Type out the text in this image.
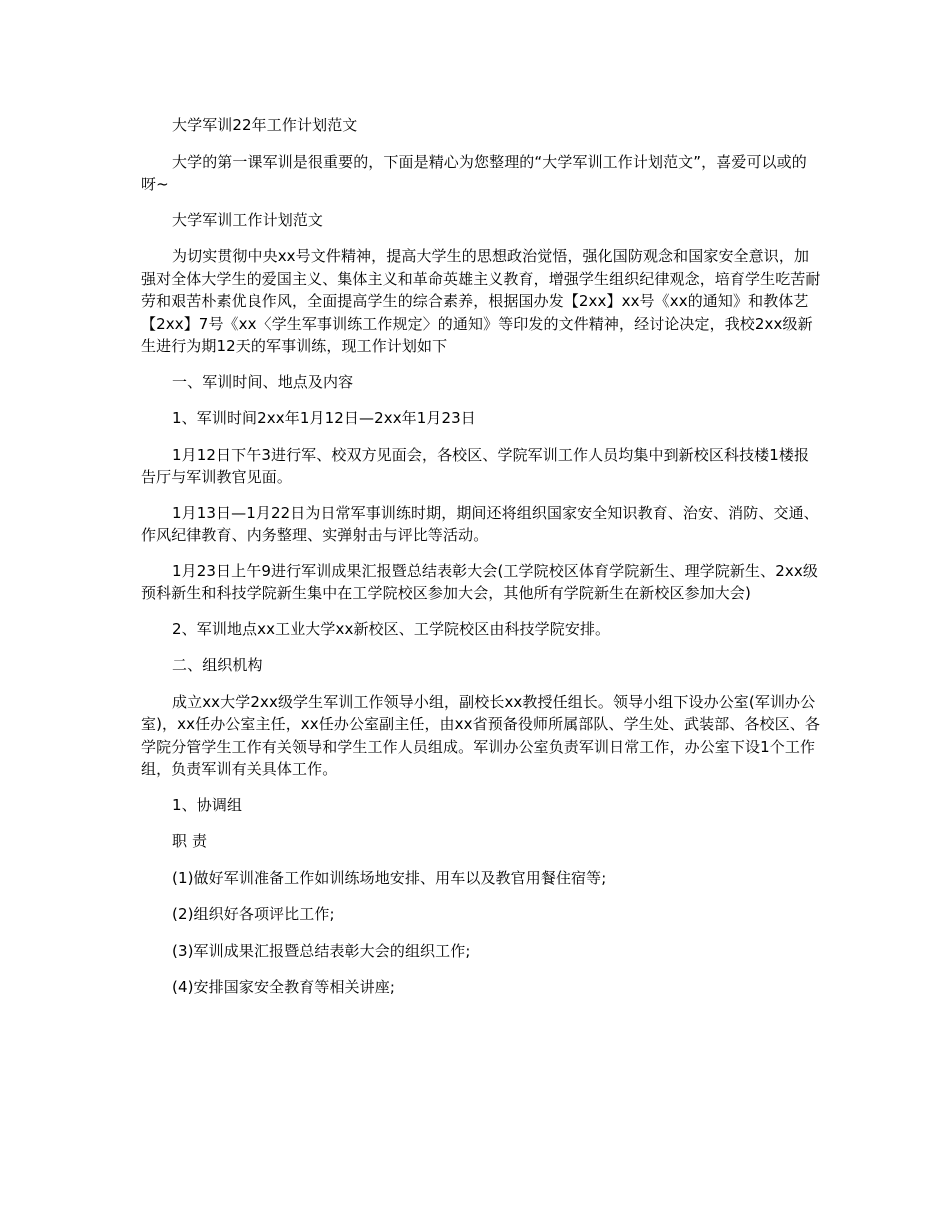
大学军训22年工作计划范文

大学的第一课军训是很重要的，下面是精心为您整理的“大学军训工作计划范文”，喜爱可以或的呀~

大学军训工作计划范文

为切实贯彻中央xx号文件精神，提高大学生的思想政治觉悟，强化国防观念和国家安全意识，加强对全体大学生的爱国主义、集体主义和革命英雄主义教育，增强学生组织纪律观念，培育学生吃苦耐劳和艰苦朴素优良作风，全面提高学生的综合素养，根据国办发【2xx】xx号《xx的通知》和教体艺【2xx】7号《xx〈学生军事训练工作规定〉的通知》等印发的文件精神，经讨论决定，我校2xx级新生进行为期12天的军事训练，现工作计划如下

一、军训时间、地点及内容

1、军训时间2xx年1月12日—2xx年1月23日

1月12日下午3进行军、校双方见面会，各校区、学院军训工作人员均集中到新校区科技楼1楼报告厅与军训教官见面。

1月13日—1月22日为日常军事训练时期，期间还将组织国家安全知识教育、治安、消防、交通、作风纪律教育、内务整理、实弹射击与评比等活动。

1月23日上午9进行军训成果汇报暨总结表彰大会(工学院校区体育学院新生、理学院新生、2xx级预科新生和科技学院新生集中在工学院校区参加大会，其他所有学院新生在新校区参加大会)

2、军训地点xx工业大学xx新校区、工学院校区由科技学院安排。

二、组织机构

成立xx大学2xx级学生军训工作领导小组，副校长xx教授任组长。领导小组下设办公室(军训办公室)，xx任办公室主任，xx任办公室副主任，由xx省预备役师所属部队、学生处、武装部、各校区、各学院分管学生工作有关领导和学生工作人员组成。军训办公室负责军训日常工作，办公室下设1个工作组，负责军训有关具体工作。

1、协调组

职 责

(1)做好军训准备工作如训练场地安排、用车以及教官用餐住宿等;

(2)组织好各项评比工作;

(3)军训成果汇报暨总结表彰大会的组织工作;

(4)安排国家安全教育等相关讲座;
